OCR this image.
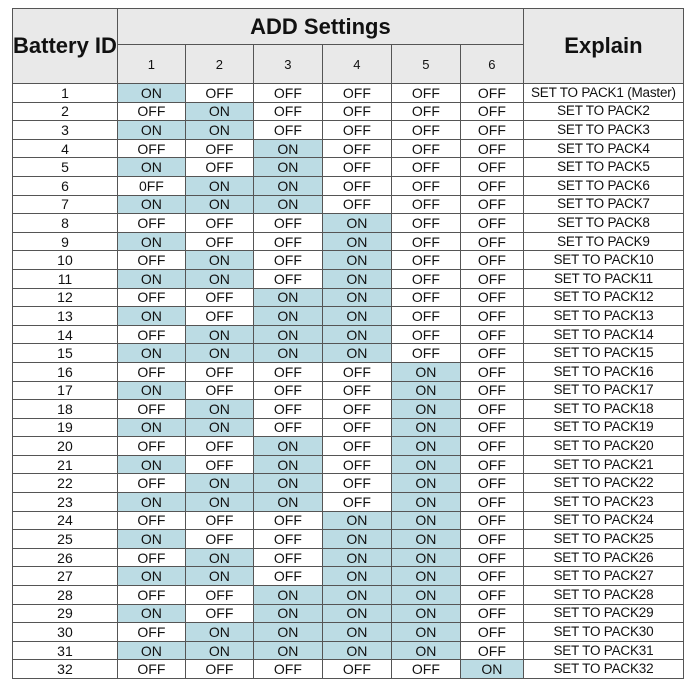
Battery ID	ADD Settings						Explain
	1	2	3	4	5	6	
1	ON	OFF	OFF	OFF	OFF	OFF	SET TO PACK1 (Master)
2	OFF	ON	OFF	OFF	OFF	OFF	SET TO PACK2
3	ON	ON	OFF	OFF	OFF	OFF	SET TO PACK3
4	OFF	OFF	ON	OFF	OFF	OFF	SET TO PACK4
5	ON	OFF	ON	OFF	OFF	OFF	SET TO PACK5
6	0FF	ON	ON	OFF	OFF	OFF	SET TO PACK6
7	ON	ON	ON	OFF	OFF	OFF	SET TO PACK7
8	OFF	OFF	OFF	ON	OFF	OFF	SET TO PACK8
9	ON	OFF	OFF	ON	OFF	OFF	SET TO PACK9
10	OFF	ON	OFF	ON	OFF	OFF	SET TO PACK10
11	ON	ON	OFF	ON	OFF	OFF	SET TO PACK11
12	OFF	OFF	ON	ON	OFF	OFF	SET TO PACK12
13	ON	OFF	ON	ON	OFF	OFF	SET TO PACK13
14	OFF	ON	ON	ON	OFF	OFF	SET TO PACK14
15	ON	ON	ON	ON	OFF	OFF	SET TO PACK15
16	OFF	OFF	OFF	OFF	ON	OFF	SET TO PACK16
17	ON	OFF	OFF	OFF	ON	OFF	SET TO PACK17
18	OFF	ON	OFF	OFF	ON	OFF	SET TO PACK18
19	ON	ON	OFF	OFF	ON	OFF	SET TO PACK19
20	OFF	OFF	ON	OFF	ON	OFF	SET TO PACK20
21	ON	OFF	ON	OFF	ON	OFF	SET TO PACK21
22	OFF	ON	ON	OFF	ON	OFF	SET TO PACK22
23	ON	ON	ON	OFF	ON	OFF	SET TO PACK23
24	OFF	OFF	OFF	ON	ON	OFF	SET TO PACK24
25	ON	OFF	OFF	ON	ON	OFF	SET TO PACK25
26	OFF	ON	OFF	ON	ON	OFF	SET TO PACK26
27	ON	ON	OFF	ON	ON	OFF	SET TO PACK27
28	OFF	OFF	ON	ON	ON	OFF	SET TO PACK28
29	ON	OFF	ON	ON	ON	OFF	SET TO PACK29
30	OFF	ON	ON	ON	ON	OFF	SET TO PACK30
31	ON	ON	ON	ON	ON	OFF	SET TO PACK31
32	OFF	OFF	OFF	OFF	OFF	ON	SET TO PACK32
